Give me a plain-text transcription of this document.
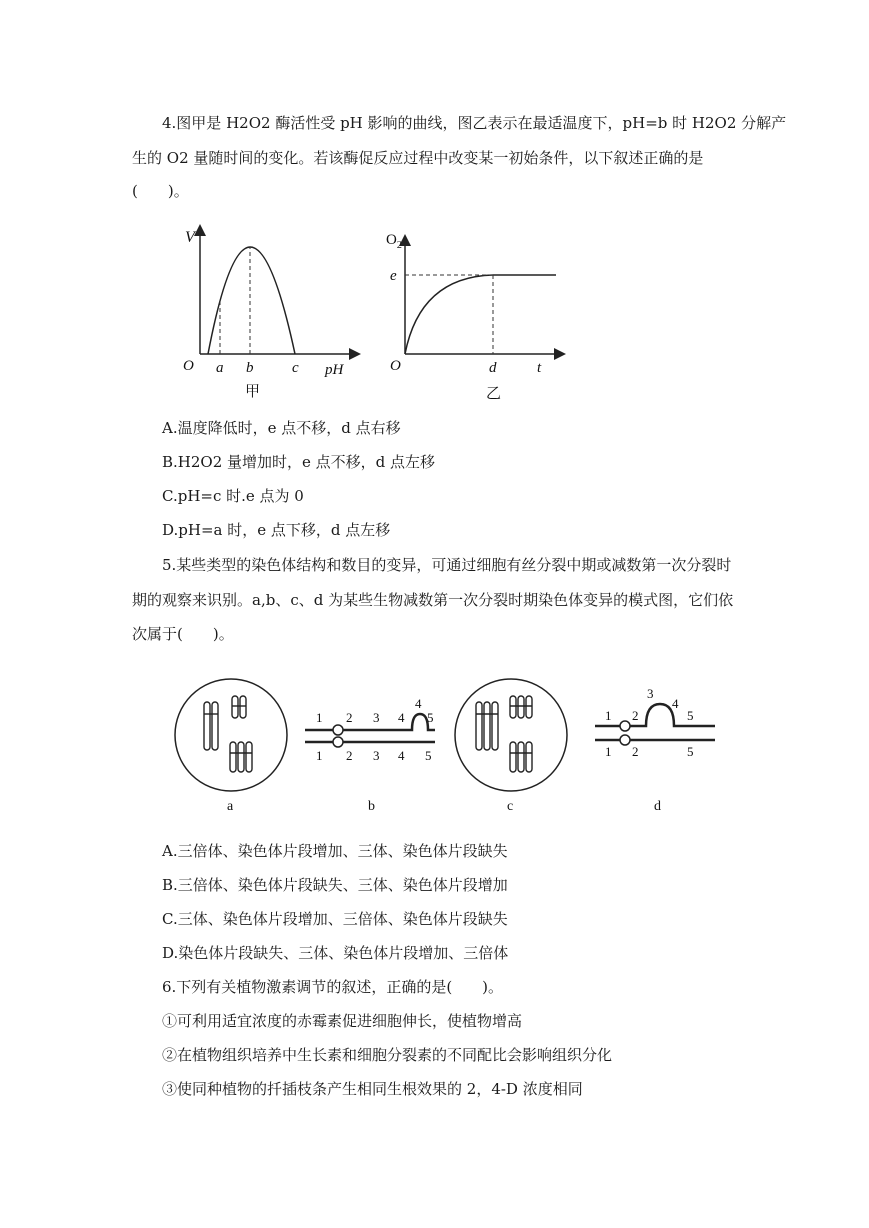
4.图甲是 H2O2 酶活性受 pH 影响的曲线，图乙表示在最适温度下，pH=b 时 H2O2 分解产
生的 O2 量随时间的变化。若该酶促反应过程中改变某一初始条件，以下叙述正确的是
(　　)。
V
O a b	c pH
甲
$O_2$
e
O	d	t
乙
A.温度降低时，e 点不移，d 点右移
B.H2O2 量增加时，e 点不移，d 点左移
C.pH=c 时.e 点为 0
D.pH=a 时，e 点下移，d 点左移
5.某些类型的染色体结构和数目的变异，可通过细胞有丝分裂中期或减数第一次分裂时
期的观察来识别。a,b、c、d 为某些生物减数第一次分裂时期染色体变异的模式图，它们依
次属于(　　)。
a
1 2 3 4
4
5
1 2 3 4 5
b	c
1 2
3
4
5
1 2	5
d
A.三倍体、染色体片段增加、三体、染色体片段缺失
B.三倍体、染色体片段缺失、三体、染色体片段增加
C.三体、染色体片段增加、三倍体、染色体片段缺失
D.染色体片段缺失、三体、染色体片段增加、三倍体
6.下列有关植物激素调节的叙述，正确的是(　　)。
①可利用适宜浓度的赤霉素促进细胞伸长，使植物增高
②在植物组织培养中生长素和细胞分裂素的不同配比会影响组织分化
③使同种植物的扦插枝条产生相同生根效果的 2，4-D 浓度相同
